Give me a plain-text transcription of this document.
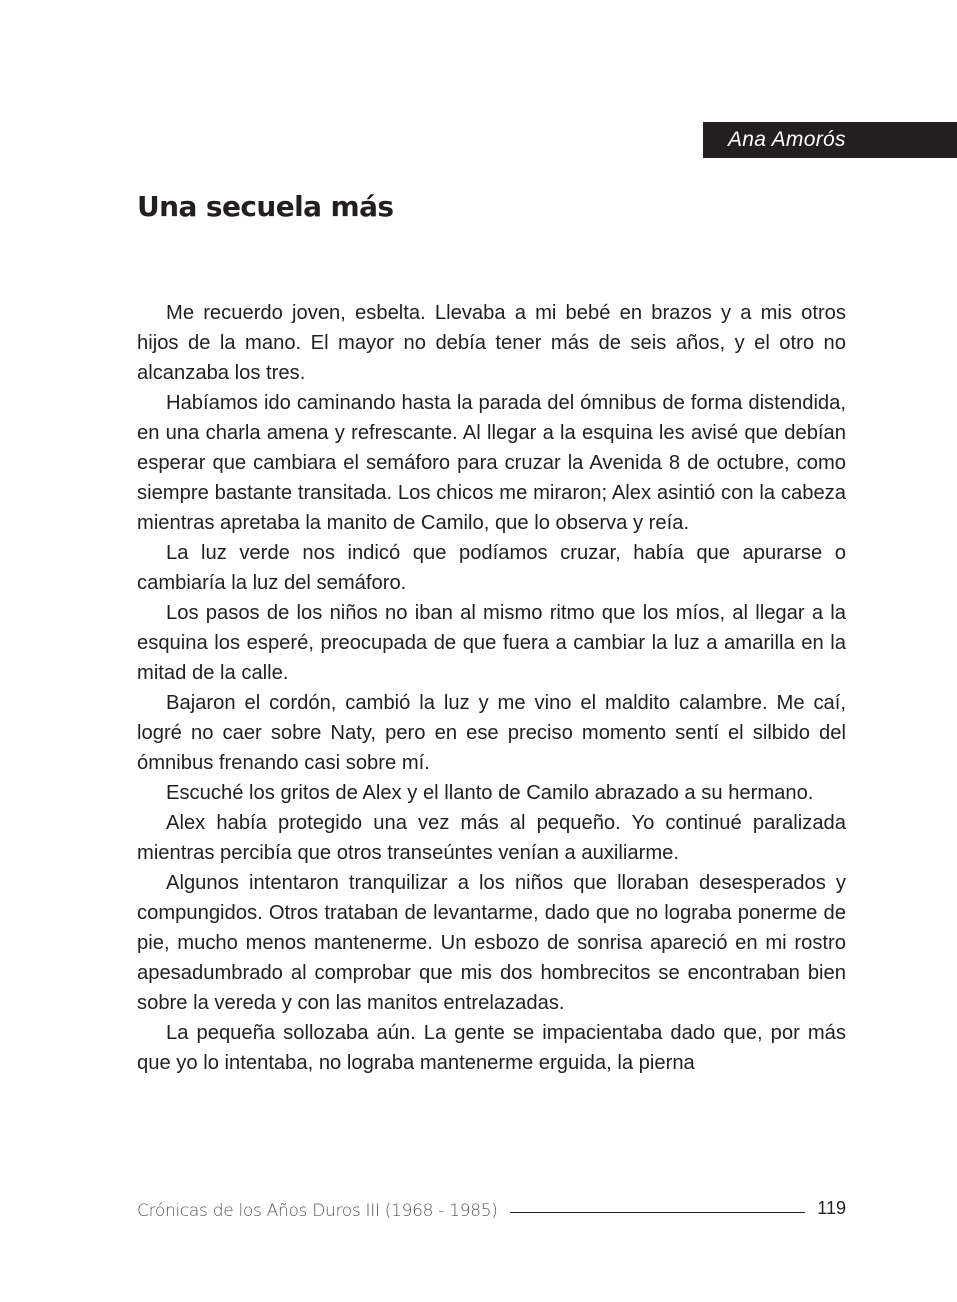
Ana Amorós
Una secuela más

Me recuerdo joven, esbelta. Llevaba a mi bebé en brazos y a mis otros hijos de la mano. El mayor no debía tener más de seis años, y el otro no alcanzaba los tres.

Habíamos ido caminando hasta la parada del ómnibus de forma distendida, en una charla amena y refrescante. Al llegar a la esquina les avisé que debían esperar que cambiara el semáforo para cruzar la Avenida 8 de octubre, como siempre bastante transitada. Los chicos me miraron; Alex asintió con la cabeza mientras apretaba la manito de Camilo, que lo observa y reía.

La luz verde nos indicó que podíamos cruzar, había que apurarse o cambiaría la luz del semáforo.

Los pasos de los niños no iban al mismo ritmo que los míos, al llegar a la esquina los esperé, preocupada de que fuera a cambiar la luz a amarilla en la mitad de la calle.

Bajaron el cordón, cambió la luz y me vino el maldito calambre. Me caí, logré no caer sobre Naty, pero en ese preciso momento sentí el silbido del ómnibus frenando casi sobre mí.

Escuché los gritos de Alex y el llanto de Camilo abrazado a su hermano.

Alex había protegido una vez más al pequeño. Yo continué paralizada mientras percibía que otros transeúntes venían a auxiliarme.

Algunos intentaron tranquilizar a los niños que lloraban desesperados y compungidos. Otros trataban de levantarme, dado que no lograba ponerme de pie, mucho menos mantenerme. Un esbozo de sonrisa apareció en mi rostro apesadumbrado al comprobar que mis dos hombrecitos se encontraban bien sobre la vereda y con las manitos entrelazadas.

La pequeña sollozaba aún. La gente se impacientaba dado que, por más que yo lo intentaba, no lograba mantenerme erguida, la pierna

Crónicas de los Años Duros III (1968 - 1985)	119
